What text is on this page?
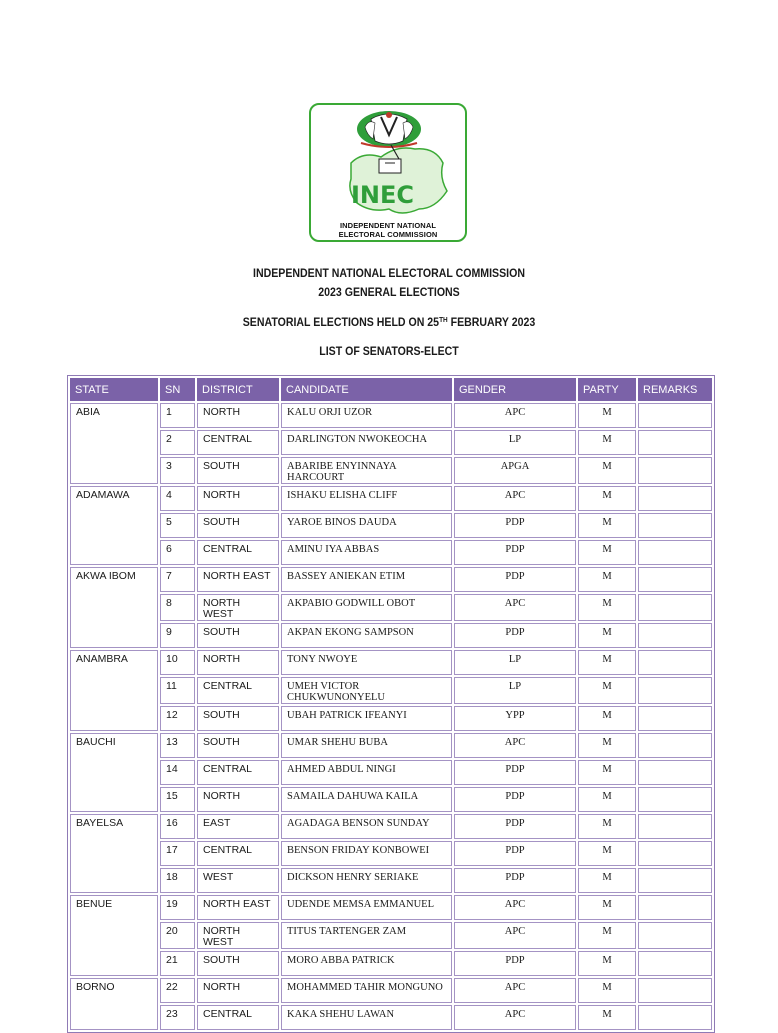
INEC
INDEPENDENT NATIONAL
ELECTORAL COMMISSION
INDEPENDENT NATIONAL ELECTORAL COMMISSION
2023 GENERAL ELECTIONS
SENATORIAL ELECTIONS HELD ON 25TH FEBRUARY 2023
LIST OF SENATORS-ELECT
STATE	SN	DISTRICT	CANDIDATE	GENDER	PARTY	REMARKS
ABIA	1	NORTH	KALU ORJI UZOR	APC	M	
	2	CENTRAL	DARLINGTON NWOKEOCHA	LP	M	
	3	SOUTH	ABARIBE ENYINNAYA HARCOURT	APGA	M	
ADAMAWA	4	NORTH	ISHAKU ELISHA CLIFF	APC	M	
	5	SOUTH	YAROE BINOS DAUDA	PDP	M	
	6	CENTRAL	AMINU IYA ABBAS	PDP	M	
AKWA IBOM	7	NORTH EAST	BASSEY ANIEKAN ETIM	PDP	M	
	8	NORTH WEST	AKPABIO GODWILL OBOT	APC	M	
	9	SOUTH	AKPAN EKONG SAMPSON	PDP	M	
ANAMBRA	10	NORTH	TONY NWOYE	LP	M	
	11	CENTRAL	UMEH VICTOR CHUKWUNONYELU	LP	M	
	12	SOUTH	UBAH PATRICK IFEANYI	YPP	M	
BAUCHI	13	SOUTH	UMAR SHEHU BUBA	APC	M	
	14	CENTRAL	AHMED ABDUL NINGI	PDP	M	
	15	NORTH	SAMAILA DAHUWA KAILA	PDP	M	
BAYELSA	16	EAST	AGADAGA BENSON SUNDAY	PDP	M	
	17	CENTRAL	BENSON FRIDAY KONBOWEI	PDP	M	
	18	WEST	DICKSON HENRY SERIAKE	PDP	M	
BENUE	19	NORTH EAST	UDENDE MEMSA EMMANUEL	APC	M	
	20	NORTH WEST	TITUS TARTENGER ZAM	APC	M	
	21	SOUTH	MORO ABBA PATRICK	PDP	M	
BORNO	22	NORTH	MOHAMMED TAHIR MONGUNO	APC	M	
	23	CENTRAL	KAKA SHEHU LAWAN	APC	M	
